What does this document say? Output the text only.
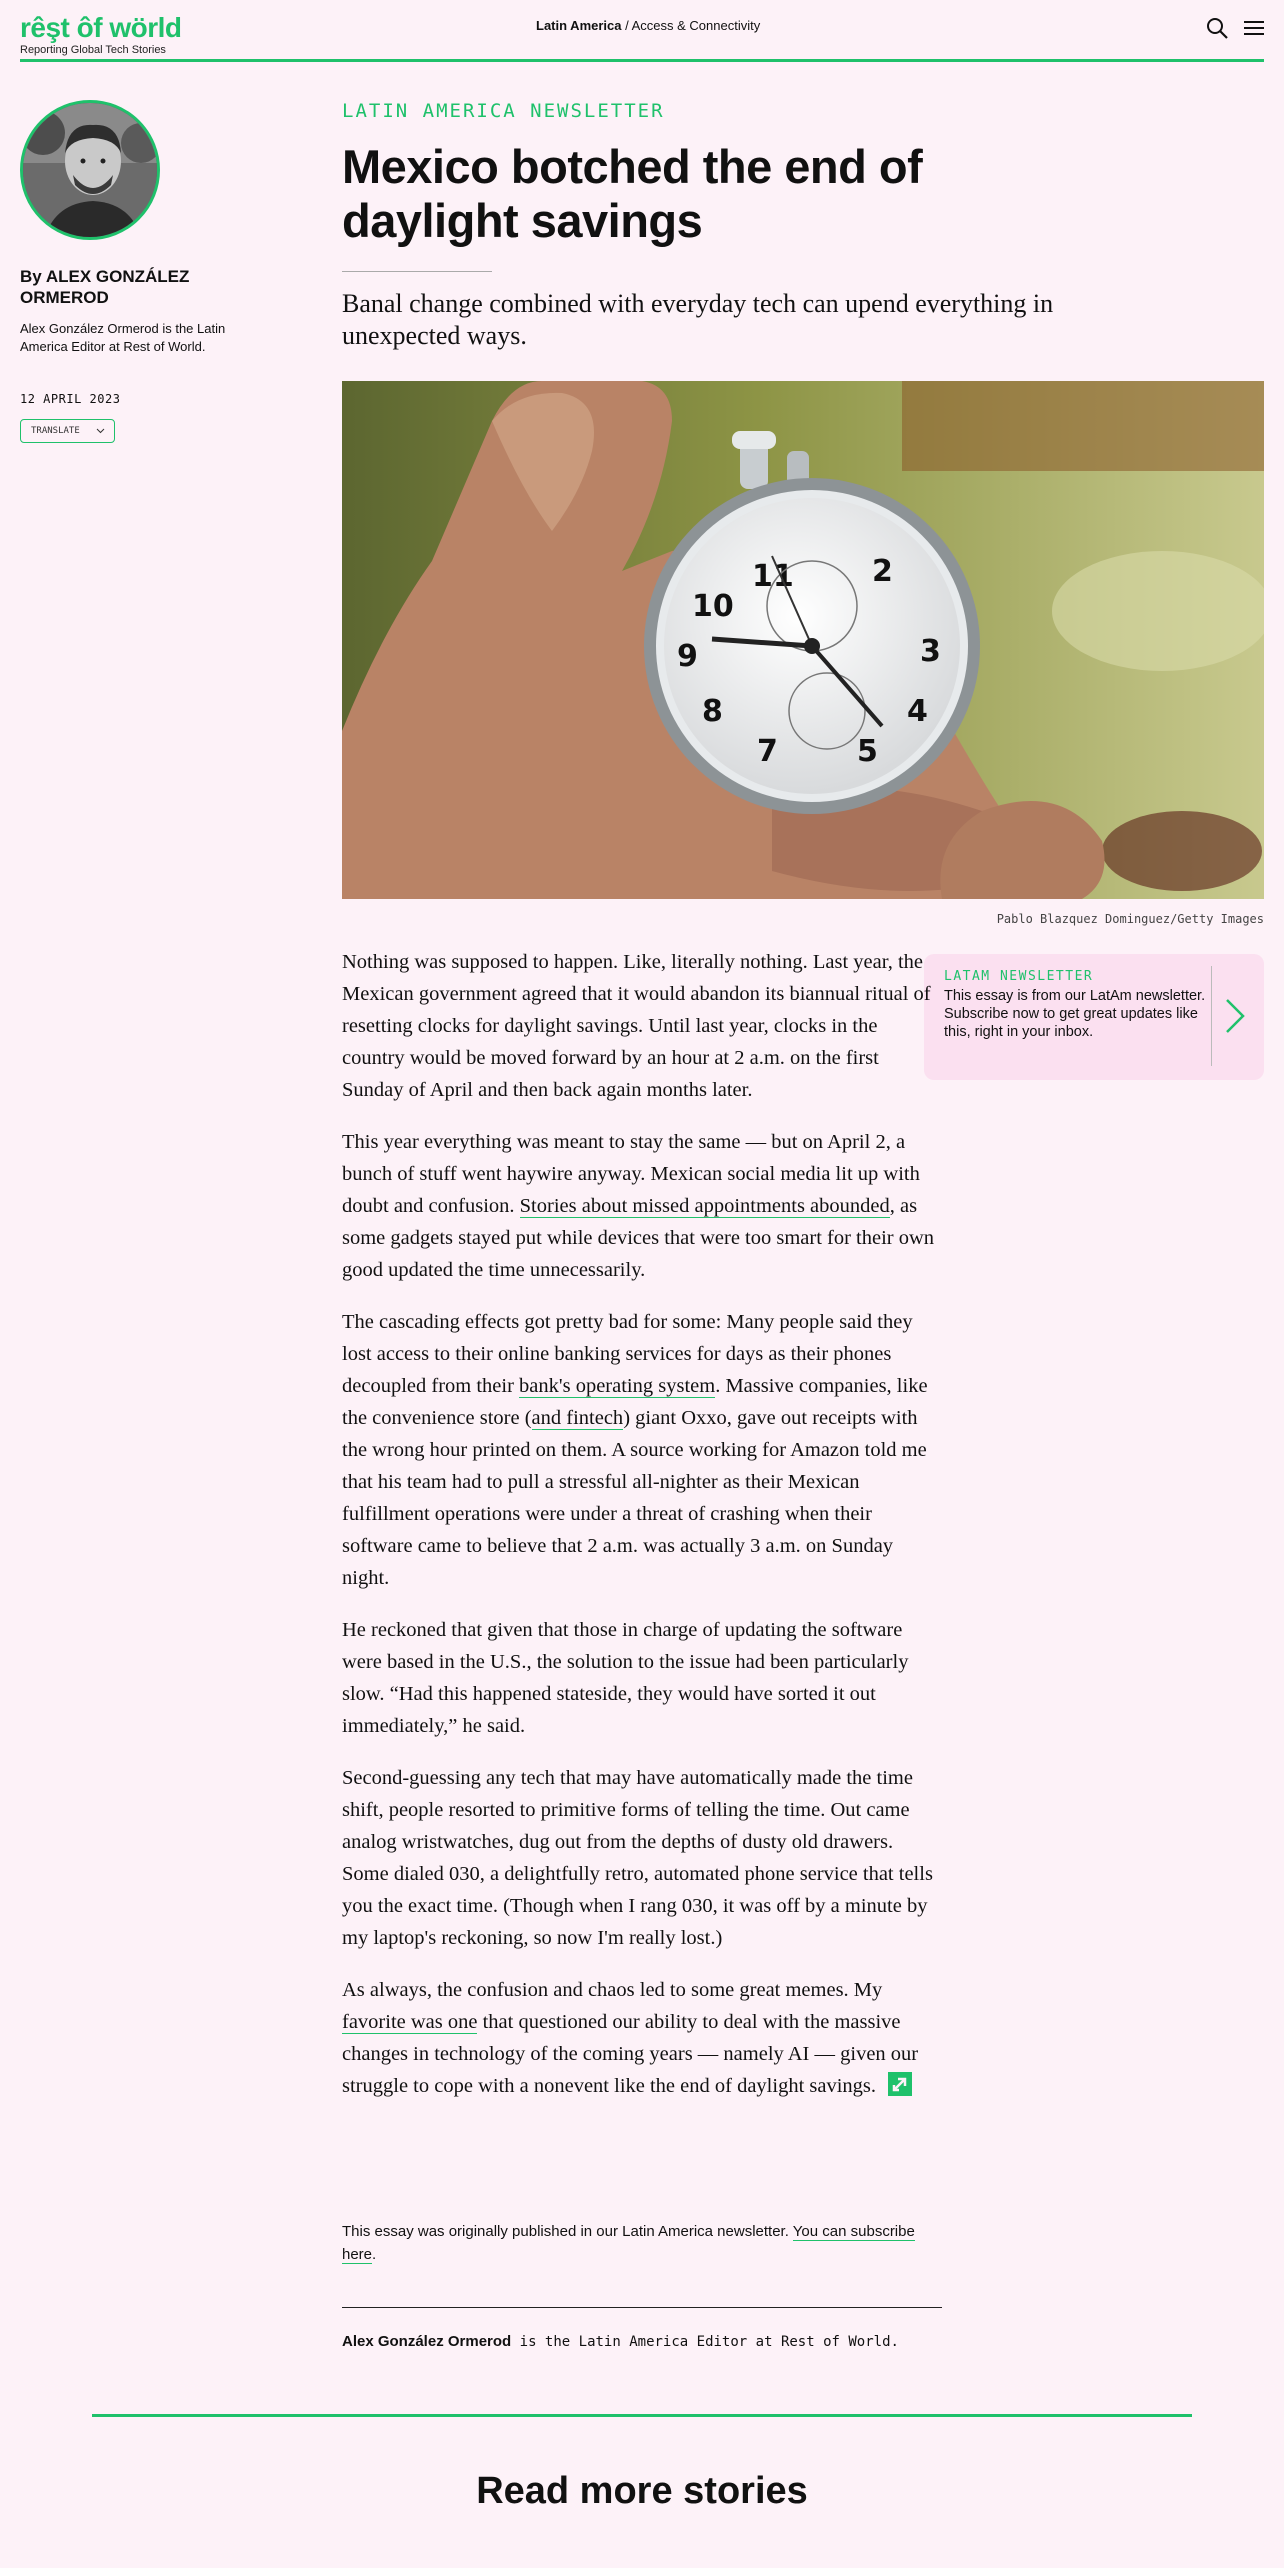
rêşt ôf wörld
Reporting Global Tech Stories
Latin America / Access & Connectivity
By ALEX GONZÁLEZ ORMEROD
Alex González Ormerod is the Latin America Editor at Rest of World.
12 APRIL 2023
TRANSLATE
LATIN AMERICA NEWSLETTER
Mexico botched the end of daylight savings
Banal change combined with everyday tech can upend everything in unexpected ways.
11
10
9
8
7	5
4
3
2
Pablo Blazquez Dominguez/Getty Images
LATAM NEWSLETTER
This essay is from our LatAm newsletter. Subscribe now to get great updates like this, right in your inbox.

Nothing was supposed to happen. Like, literally nothing. Last year, the Mexican government agreed that it would abandon its biannual ritual of resetting clocks for daylight savings. Until last year, clocks in the country would be moved forward by an hour at 2 a.m. on the first Sunday of April and then back again months later.

This year everything was meant to stay the same — but on April 2, a bunch of stuff went haywire anyway. Mexican social media lit up with doubt and confusion. Stories about missed appointments abounded, as some gadgets stayed put while devices that were too smart for their own good updated the time unnecessarily.

The cascading effects got pretty bad for some: Many people said they lost access to their online banking services for days as their phones decoupled from their bank's operating system. Massive companies, like the convenience store (and fintech) giant Oxxo, gave out receipts with the wrong hour printed on them. A source working for Amazon told me that his team had to pull a stressful all-nighter as their Mexican fulfillment operations were under a threat of crashing when their software came to believe that 2 a.m. was actually 3 a.m. on Sunday night.

He reckoned that given that those in charge of updating the software were based in the U.S., the solution to the issue had been particularly slow. “Had this happened stateside, they would have sorted it out immediately,” he said.

Second-guessing any tech that may have automatically made the time shift, people resorted to primitive forms of telling the time. Out came analog wristwatches, dug out from the depths of dusty old drawers. Some dialed 030, a delightfully retro, automated phone service that tells you the exact time. (Though when I rang 030, it was off by a minute by my laptop's reckoning, so now I'm really lost.)

As always, the confusion and chaos led to some great memes. My favorite was one that questioned our ability to deal with the massive changes in technology of the coming years — namely AI — given our struggle to cope with a nonevent like the end of daylight savings.

This essay was originally published in our Latin America newsletter. You can subscribe here.
Alex González Ormerod is the Latin America Editor at Rest of World.
Read more stories
